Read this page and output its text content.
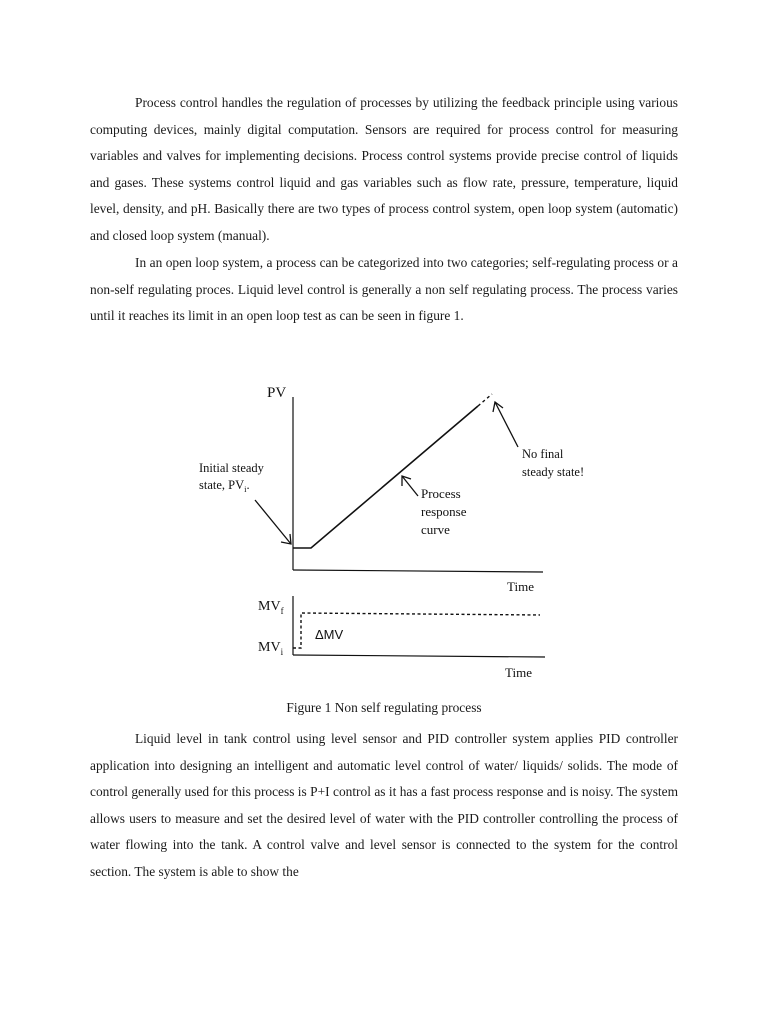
Process control handles the regulation of processes by utilizing the feedback principle using various computing devices, mainly digital computation. Sensors are required for process control for measuring variables and valves for implementing decisions. Process control systems provide precise control of liquids and gases. These systems control liquid and gas variables such as flow rate, pressure, temperature, liquid level, density, and pH. Basically there are two types of process control system, open loop system (automatic) and closed loop system (manual).

In an open loop system, a process can be categorized into two categories; self-regulating process or a non-self regulating proces. Liquid level control is generally a non self regulating process. The process varies until it reaches its limit in an open loop test as can be seen in figure 1.

PV
Initial steady
state, $PV_i$.
No final
steady state!
Process
response
curve
Time
$MV_f$
$MV_i$
ΔMV
Time

Figure 1 Non self regulating process

Liquid level in tank control using level sensor and PID controller system applies PID controller application into designing an intelligent and automatic level control of water/ liquids/ solids. The mode of control generally used for this process is P+I control as it has a fast process response and is noisy. The system allows users to measure and set the desired level of water with the PID controller controlling the process of water flowing into the tank. A control valve and level sensor is connected to the system for the control section. The system is able to show the
